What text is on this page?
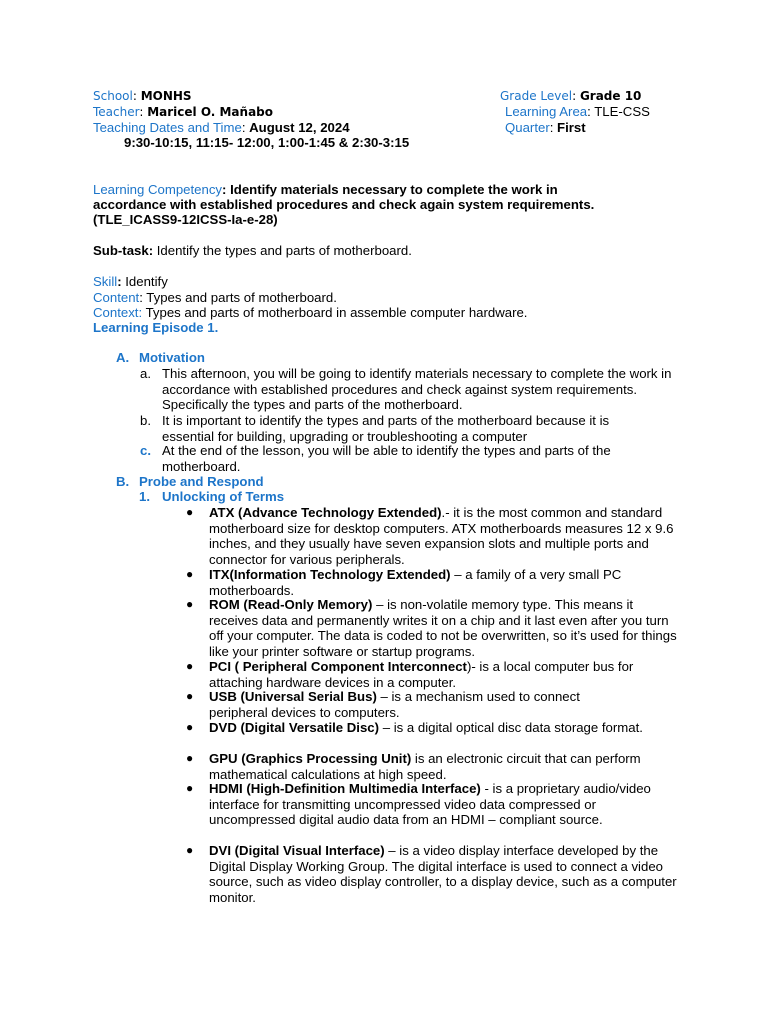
School: MONHS
Teacher: Maricel O. Mañabo
Teaching Dates and Time: August 12, 2024
9:30-10:15, 11:15- 12:00, 1:00-1:45 & 2:30-3:15
Grade Level: Grade 10
Learning Area: TLE-CSS
Quarter: First
Learning Competency: Identify materials necessary to complete the work in
accordance with established procedures and check again system requirements.
(TLE_ICASS9-12ICSS-Ia-e-28)
Sub-task: Identify the types and parts of motherboard.
Skill: Identify
Content: Types and parts of motherboard.
Context: Types and parts of motherboard in assemble computer hardware.
Learning Episode 1.
A. Motivation
a. This afternoon, you will be going to identify materials necessary to complete the work in accordance with established procedures and check against system requirements. Specifically the types and parts of the motherboard.
b. It is important to identify the types and parts of the motherboard because it is essential for building, upgrading or troubleshooting a computer
c. At the end of the lesson, you will be able to identify the types and parts of the motherboard.
B. Probe and Respond
1. Unlocking of Terms
● ATX (Advance Technology Extended).- it is the most common and standard motherboard size for desktop computers. ATX motherboards measures 12 x 9.6 inches, and they usually have seven expansion slots and multiple ports and connector for various peripherals.
● ITX(Information Technology Extended) – a family of a very small PC motherboards.
● ROM (Read-Only Memory) – is non-volatile memory type. This means it receives data and permanently writes it on a chip and it last even after you turn off your computer. The data is coded to not be overwritten, so it’s used for things like your printer software or startup programs.
● PCI ( Peripheral Component Interconnect)- is a local computer bus for attaching hardware devices in a computer.
● USB (Universal Serial Bus) – is a mechanism used to connect peripheral devices to computers.
● DVD (Digital Versatile Disc) – is a digital optical disc data storage format.
● GPU (Graphics Processing Unit) is an electronic circuit that can perform mathematical calculations at high speed.
● HDMI (High-Definition Multimedia Interface) - is a proprietary audio/video interface for transmitting uncompressed video data compressed or uncompressed digital audio data from an HDMI – compliant source.
● DVI (Digital Visual Interface) – is a video display interface developed by the Digital Display Working Group. The digital interface is used to connect a video source, such as video display controller, to a display device, such as a computer monitor.
